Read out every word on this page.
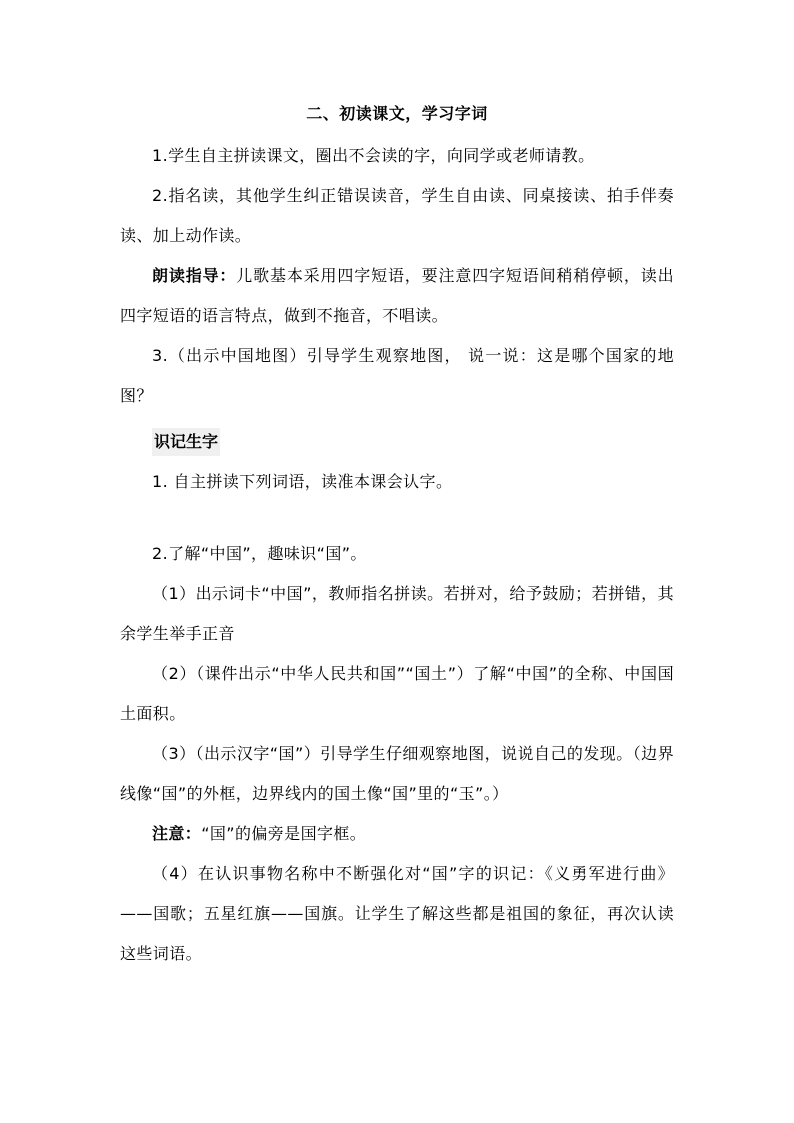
二、初读课文，学习字词

1.学生自主拼读课文，圈出不会读的字，向同学或老师请教。

2.指名读，其他学生纠正错误读音，学生自由读、同桌接读、拍手伴奏读、加上动作读。

朗读指导：儿歌基本采用四字短语，要注意四字短语间稍稍停顿，读出四字短语的语言特点，做到不拖音，不唱读。

3.（出示中国地图）引导学生观察地图， 说一说：这是哪个国家的地图？

识记生字

1. 自主拼读下列词语，读准本课会认字。

2.了解“中国”，趣味识“国”。

（1）出示词卡“中国”，教师指名拼读。若拼对，给予鼓励；若拼错，其余学生举手正音

（2）（课件出示“中华人民共和国”“国土”）了解“中国”的全称、中国国土面积。

（3）（出示汉字“国”）引导学生仔细观察地图，说说自己的发现。（边界线像“国”的外框，边界线内的国土像“国”里的“玉”。）

注意：“国”的偏旁是国字框。

（4）在认识事物名称中不断强化对“国”字的识记：《义勇军进行曲》——国歌；五星红旗——国旗。让学生了解这些都是祖国的象征，再次认读这些词语。
